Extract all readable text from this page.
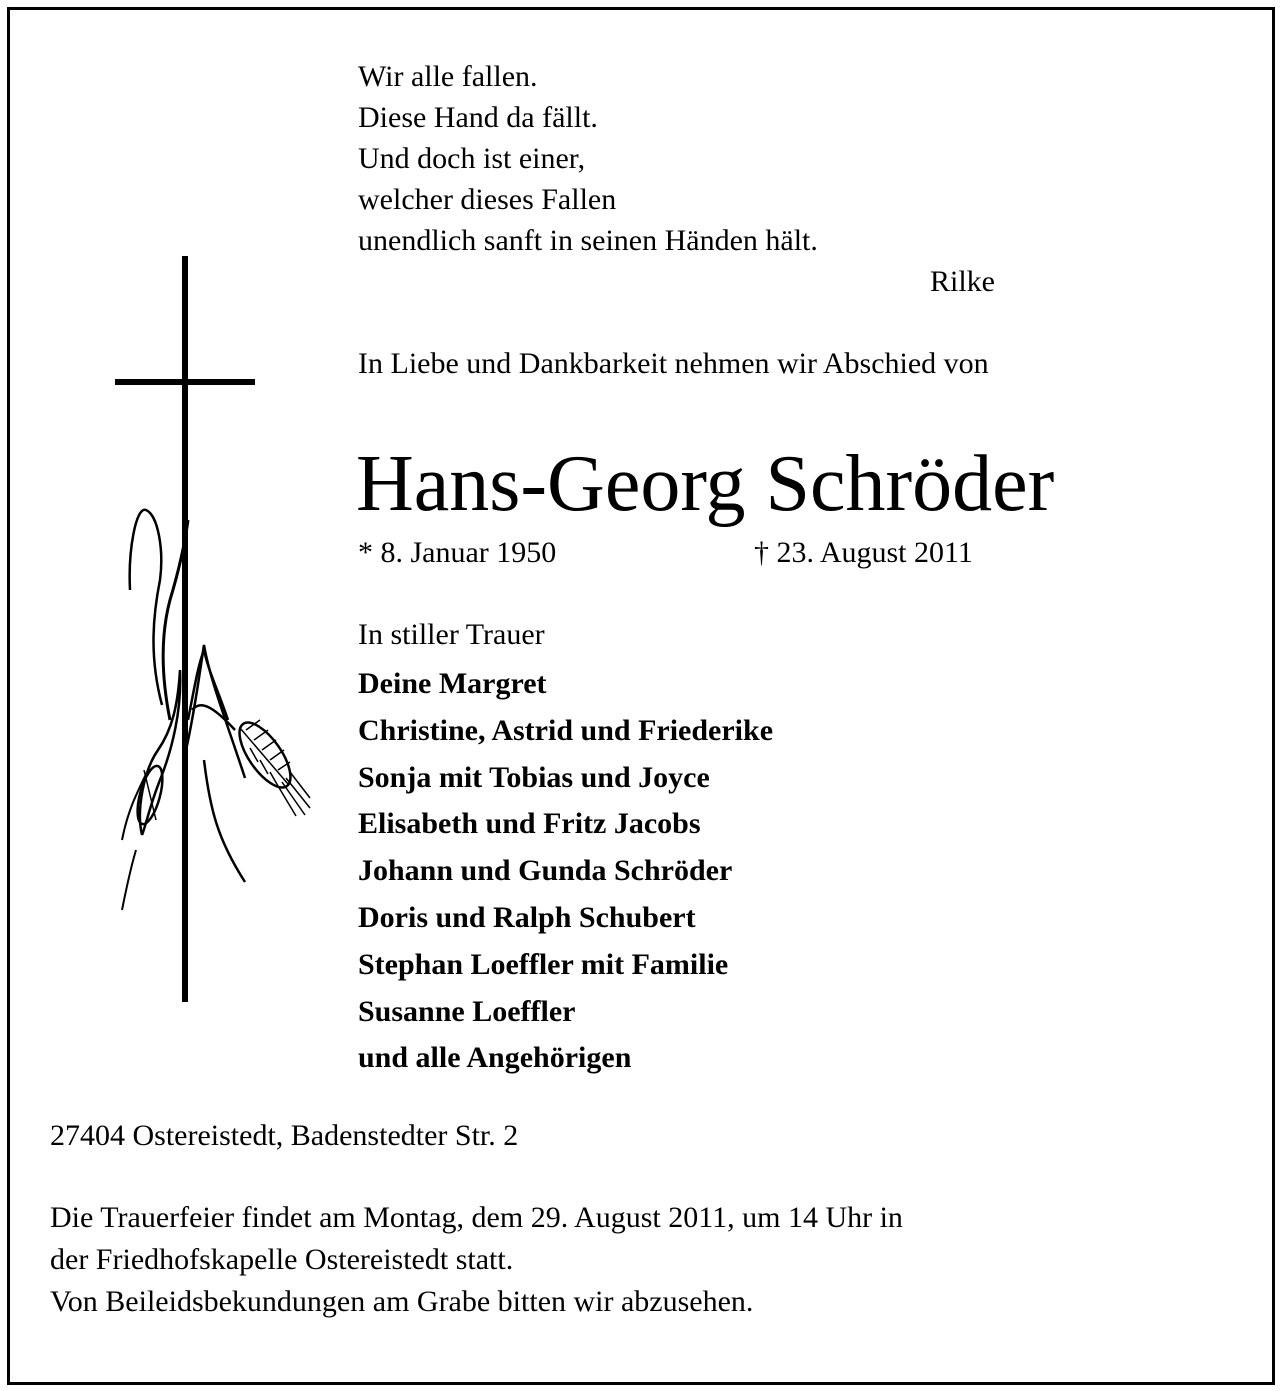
Wir alle fallen.
Diese Hand da fällt.
Und doch ist einer,
welcher dieses Fallen
unendlich sanft in seinen Händen hält.
Rilke
In Liebe und Dankbarkeit nehmen wir Abschied von
Hans-Georg Schröder
* 8. Januar 1950	† 23. August 2011
In stiller Trauer
Deine Margret
Christine, Astrid und Friederike
Sonja mit Tobias und Joyce
Elisabeth und Fritz Jacobs
Johann und Gunda Schröder
Doris und Ralph Schubert
Stephan Loeffler mit Familie
Susanne Loeffler
und alle Angehörigen
27404 Ostereistedt, Badenstedter Str. 2
Die Trauerfeier findet am Montag, dem 29. August 2011, um 14 Uhr in
der Friedhofskapelle Ostereistedt statt.
Von Beileidsbekundungen am Grabe bitten wir abzusehen.
